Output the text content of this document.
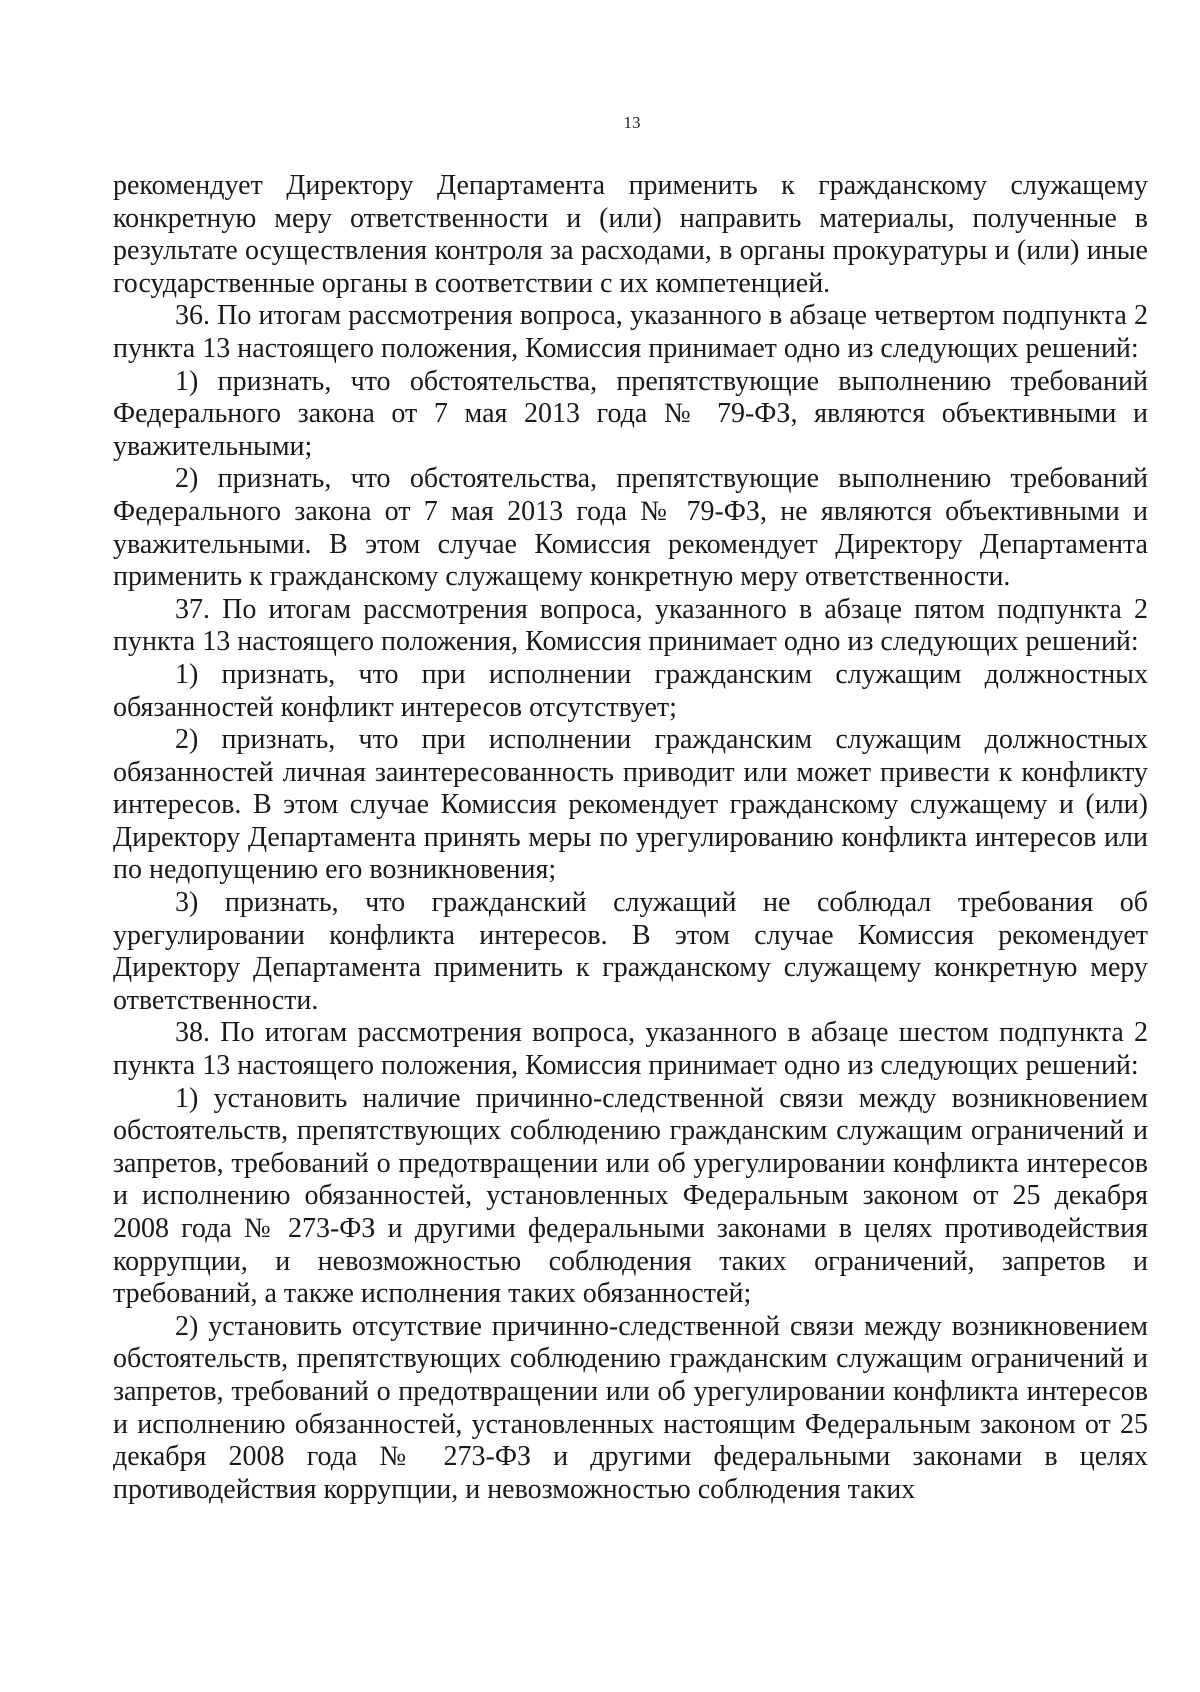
13

рекомендует Директору Департамента применить к гражданскому служащему конкретную меру ответственности и (или) направить материалы, полученные в результате осуществления контроля за расходами, в органы прокуратуры и (или) иные государственные органы в соответствии с их компетенцией.

36. По итогам рассмотрения вопроса, указанного в абзаце четвертом подпункта 2 пункта 13 настоящего положения, Комиссия принимает одно из следующих решений:

1) признать, что обстоятельства, препятствующие выполнению требований Федерального закона от 7 мая 2013 года № 79-ФЗ, являются объективными и уважительными;

2) признать, что обстоятельства, препятствующие выполнению требований Федерального закона от 7 мая 2013 года № 79-ФЗ, не являются объективными и уважительными. В этом случае Комиссия рекомендует Директору Департамента применить к гражданскому служащему конкретную меру ответственности.

37. По итогам рассмотрения вопроса, указанного в абзаце пятом подпункта 2 пункта 13 настоящего положения, Комиссия принимает одно из следующих решений:

1) признать, что при исполнении гражданским служащим должностных обязанностей конфликт интересов отсутствует;

2) признать, что при исполнении гражданским служащим должностных обязанностей личная заинтересованность приводит или может привести к конфликту интересов. В этом случае Комиссия рекомендует гражданскому служащему и (или) Директору Департамента принять меры по урегулированию конфликта интересов или по недопущению его возникновения;

3) признать, что гражданский служащий не соблюдал требования об урегулировании конфликта интересов. В этом случае Комиссия рекомендует Директору Департамента применить к гражданскому служащему конкретную меру ответственности.

38. По итогам рассмотрения вопроса, указанного в абзаце шестом подпункта 2 пункта 13 настоящего положения, Комиссия принимает одно из следующих решений:

1) установить наличие причинно-следственной связи между возникновением обстоятельств, препятствующих соблюдению гражданским служащим ограничений и запретов, требований о предотвращении или об урегулировании конфликта интересов и исполнению обязанностей, установленных Федеральным законом от 25 декабря 2008 года № 273-ФЗ и другими федеральными законами в целях противодействия коррупции, и невозможностью соблюдения таких ограничений, запретов и требований, а также исполнения таких обязанностей;

2) установить отсутствие причинно-следственной связи между возникновением обстоятельств, препятствующих соблюдению гражданским служащим ограничений и запретов, требований о предотвращении или об урегулировании конфликта интересов и исполнению обязанностей, установленных настоящим Федеральным законом от 25 декабря 2008 года № 273-ФЗ и другими федеральными законами в целях противодействия коррупции, и невозможностью соблюдения таких
